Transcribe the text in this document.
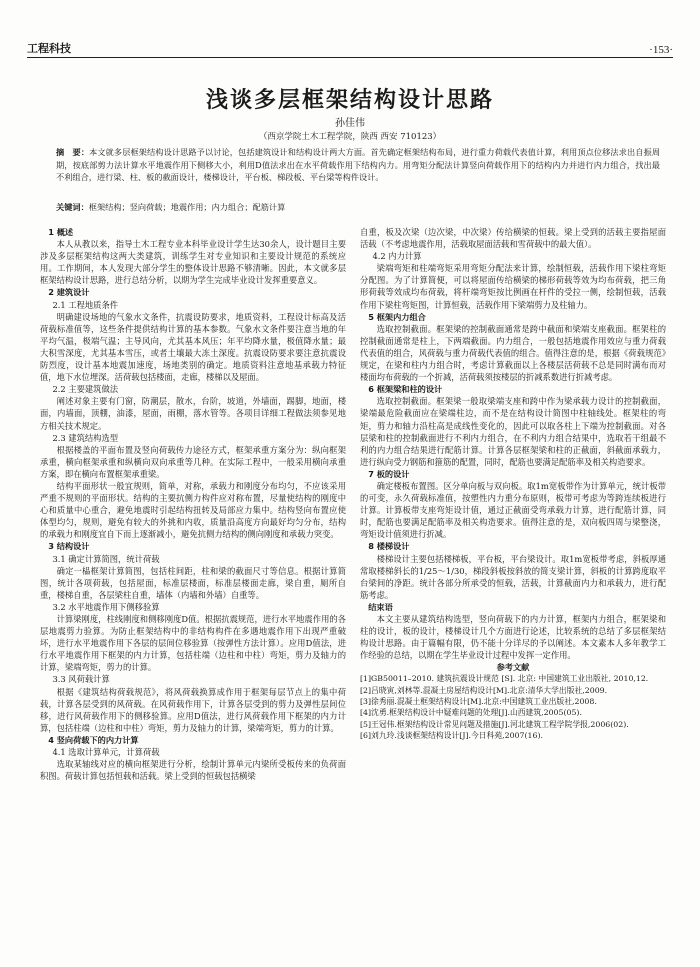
工程科技	·153·
浅谈多层框架结构设计思路
孙佳伟
（西京学院土木工程学院，陕西 西安 710123）
摘　要：本文就多层框架结构设计思路予以讨论，包括建筑设计和结构设计两大方面。首先确定框架结构布局，进行重力荷载代表值计算，利用顶点位移法求出自振周期，按底部剪力法计算水平地震作用下侧移大小，利用D值法求出在水平荷载作用下结构内力。用弯矩分配法计算竖向荷载作用下的结构内力并进行内力组合，找出最不利组合，进行梁、柱、板的截面设计，楼梯设计，平台板、梯段板、平台梁等构件设计。
关键词：框架结构；竖向荷载；地震作用；内力组合；配筋计算
1 概述

本人从教以来，指导土木工程专业本科毕业设计学生达30余人，设计题目主要涉及多层框架结构这两大类建筑，训练学生对专业知识和主要设计规范的系统应用。工作期间，本人发现大部分学生的整体设计思路不够清晰。因此，本文就多层框架结构设计思路，进行总结分析，以期为学生完成毕业设计发挥重要意义。

2 建筑设计
2.1 工程地质条件

明确建设场地的气象水文条件，抗震设防要求，地质资料，工程设计标高及活荷载标准值等，这些条件提供结构计算的基本参数。气象水文条件要注意当地的年平均气温，极端气温；主导风向，尤其基本风压；年平均降水量，极值降水量；最大积雪深度，尤其基本雪压，或者土壤最大冻土深度。抗震设防要求要注意抗震设防烈度，设计基本地震加速度，场地类别的确定。地质资料注意地基承载力特征值，地下水位埋深。活荷载包括楼面，走廊，楼梯以及屋面。

2.2 主要建筑做法

阐述对象主要有门窗，防潮层，散水，台阶，坡道，外墙面，踢脚，地面，楼面，内墙面，顶棚，油漆，屋面，雨棚，落水管等。各项目详细工程做法须参见地方相关技术规定。

2.3 建筑结构选型

根据楼盖的平面布置及竖向荷载传力途径方式，框架承重方案分为：纵向框架承重，横向框架承重和纵横向双向承重等几种。在实际工程中，一般采用横向承重方案，即在横向布置框架承重梁。

结构平面形状一般宜规则，简单，对称，承载力和刚度分布均匀，不应该采用严重不规则的平面形状。结构的主要抗侧力构件应对称布置，尽量使结构的刚度中心和质量中心重合，避免地震时引起结构扭转及局部应力集中。结构竖向布置应使体型均匀，规则，避免有较大的外挑和内收，质量沿高度方向最好均匀分布，结构的承载力和刚度宜自下而上逐渐减小，避免抗侧力结构的侧向刚度和承载力突变。

3 结构设计
3.1 确定计算简图，统计荷载

确定一榀框架计算简图，包括柱间距，柱和梁的截面尺寸等信息。根据计算简图，统计各项荷载，包括屋面，标准层楼面，标准层楼面走廊，梁自重，厕所自重，楼梯自重，各层梁柱自重，墙体（内墙和外墙）自重等。

3.2 水平地震作用下侧移验算

计算梁刚度，柱线刚度和侧移刚度D值。根据抗震规范，进行水平地震作用的各层地震剪力验算。为防止框架结构中的非结构构件在多遇地震作用下出现严重破坏，进行水平地震作用下各层的层间位移验算（按弹性方法计算）。应用D值法，进行水平地震作用下框架的内力计算，包括柱端（边柱和中柱）弯矩，剪力及轴力的计算，梁端弯矩，剪力的计算。

3.3 风荷载计算

根据《建筑结构荷载规范》，将风荷载换算成作用于框架每层节点上的集中荷载，计算各层受到的风荷载。在风荷载作用下，计算各层受到的剪力及弹性层间位移，进行风荷载作用下的侧移验算。应用D值法，进行风荷载作用下框架的内力计算，包括柱端（边柱和中柱）弯矩，剪力及轴力的计算，梁端弯矩，剪力的计算。

4 竖向荷载下的内力计算
4.1 选取计算单元，计算荷载

选取某轴线对应的横向框架进行分析，绘制计算单元内梁所受板传来的负荷面积图。荷载计算包括恒载和活载。梁上受到的恒载包括横梁

自重，板及次梁（边次梁，中次梁）传给横梁的恒载。梁上受到的活载主要指屋面活载（不考虑地震作用，活载取屋面活载和雪荷载中的最大值）。

4.2 内力计算

梁端弯矩和柱端弯矩采用弯矩分配法来计算，绘制恒载，活载作用下梁柱弯矩分配图。为了计算简便，可以将屋面传给横梁的梯形荷载等效为均布荷载，把三角形荷载等效成均布荷载，将杆端弯矩按比例画在杆件的受拉一侧，绘制恒载，活载作用下梁柱弯矩图，计算恒载，活载作用下梁端剪力及柱轴力。

5 框架内力组合

选取控制截面。框架梁的控制截面通常是跨中截面和梁端支座截面。框架柱的控制截面通常是柱上，下两端截面。内力组合，一般包括地震作用效应与重力荷载代表值的组合，风荷载与重力荷载代表值的组合。值得注意的是，根据《荷载规范》规定，在梁和柱内力组合时，考虑计算截面以上各楼层活荷载不总是同时满布而对楼面均布荷载的一个折减，活荷载须按楼层的折减系数进行折减考虑。

6 框架梁和柱的设计

选取控制截面。框架梁一般取梁端支座和跨中作为梁承载力设计的控制截面，梁端最危险截面应在梁端柱边，而不是在结构设计简图中柱轴线处。框架柱的弯矩，剪力和轴力沿柱高是成线性变化的，因此可以取各柱上下端为控制截面。对各层梁和柱的控制截面进行不利内力组合，在不利内力组合结果中，选取若干组最不利的内力组合结果进行配筋计算。计算各层框架梁和柱的正截面，斜截面承载力，进行纵向受力钢筋和箍筋的配置，同时，配筋也要满足配筋率及相关构造要求。

7 板的设计

确定楼板布置图。区分单向板与双向板。取1m宽板带作为计算单元，统计板带的可变，永久荷载标准值，按塑性内力重分布原则，板带可考虑为等跨连续板进行计算。计算板带支座弯矩设计值，通过正截面受弯承载力计算，进行配筋计算，同时，配筋也要满足配筋率及相关构造要求。值得注意的是，双向板四周与梁整浇，弯矩设计值须进行折减。

8 楼梯设计

楼梯设计主要包括楼梯板，平台板，平台梁设计。取1m宽板带考虑，斜板厚通常取楼梯斜长的1/25～1/30，梯段斜板按斜放的简支梁计算，斜板的计算跨度取平台梁间的净距。统计各部分所承受的恒载，活载，计算截面内力和承载力，进行配筋考虑。

结束语

本文主要从建筑结构选型，竖向荷载下的内力计算，框架内力组合，框架梁和柱的设计，板的设计，楼梯设计几个方面进行论述，比较系统的总结了多层框架结构设计思路。由于篇幅有限，仍不能十分详尽的予以阐述。本文素本人多年教学工作经验的总结，以期在学生毕业设计过程中发挥一定作用。

参考文献

[1]GB50011–2010. 建筑抗震设计规范 [S]. 北京: 中国建筑工业出版社, 2010,12.

[2]吕晓寅,刘林等.混凝土房屋结构设计[M].北京:清华大学出版社,2009.

[3]徐秀丽.混凝土框架结构设计[M].北京:中国建筑工业出版社,2008.

[4]沈勇.框架结构设计中疑难问题的处理[J].山西建筑,2005(05).

[5]王冠伟.框架结构设计常见问题及措施[J].河北建筑工程学院学报,2006(02).

[6]刘九玲.浅谈框架结构设计[J].今日科苑,2007(16).
